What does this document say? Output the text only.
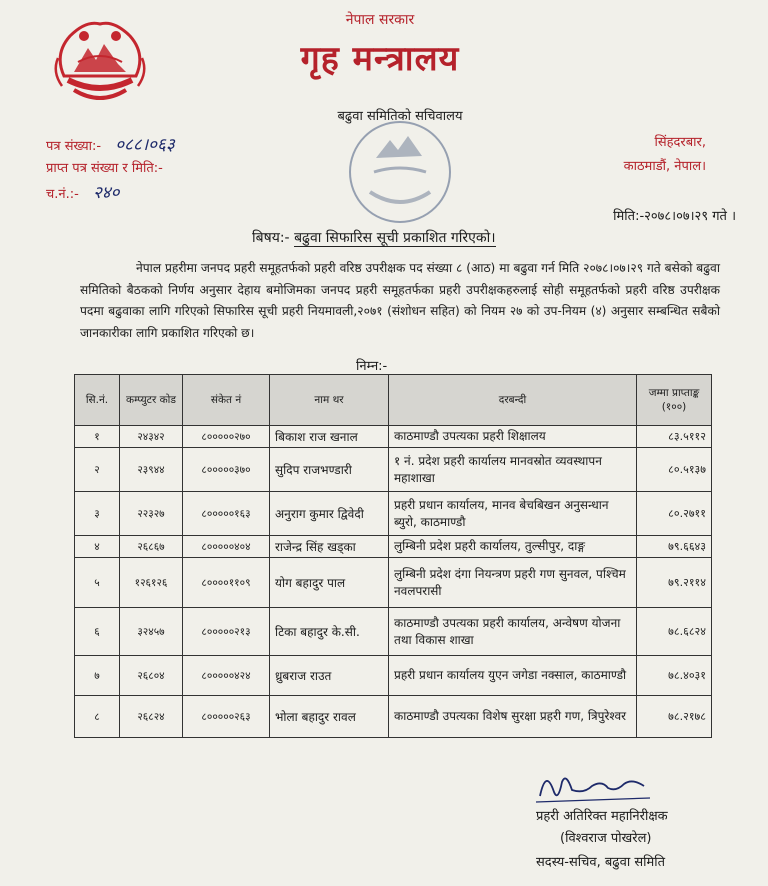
नेपाल सरकार
गृह मन्त्रालय
बढुवा समितिको सचिवालय
पत्र संख्या:- ०८८।०६३
प्राप्त पत्र संख्या र मिति:-
च.नं.:- २४०
सिंहदरबार,
काठमाडौं, नेपाल।
मिति:-२०७८।०७।२९ गते ।
बिषय:- बढुवा सिफारिस सूची प्रकाशित गरिएको।
नेपाल प्रहरीमा जनपद प्रहरी समूहतर्फको प्रहरी वरिष्ठ उपरीक्षक पद संख्या ८ (आठ) मा बढुवा गर्न मिति २०७८।०७।२९ गते बसेको बढुवा समितिको बैठकको निर्णय अनुसार देहाय बमोजिमका जनपद प्रहरी समूहतर्फका प्रहरी उपरीक्षकहरुलाई सोही समूहतर्फको प्रहरी वरिष्ठ उपरीक्षक पदमा बढुवाका लागि गरिएको सिफारिस सूची प्रहरी नियमावली,२०७१ (संशोधन सहित) को नियम २७ को उप-नियम (४) अनुसार सम्बन्धित सबैको जानकारीका लागि प्रकाशित गरिएको छ।
निम्न:-
सि.नं.	कम्प्युटर कोड	संकेत नं	नाम थर	दरबन्दी	जम्मा प्राप्ताङ्क (१००)
१	२४३४२	८०००००२७०	बिकाश राज खनाल	काठमाण्डौ उपत्यका प्रहरी शिक्षालय	८३.५११२
२	२३९४४	८०००००३७०	सुदिप राजभण्डारी	१ नं. प्रदेश प्रहरी कार्यालय मानवस्रोत व्यवस्थापन महाशाखा	८०.५१३७
३	२२३२७	८०००००१६३	अनुराग कुमार द्विवेदी	प्रहरी प्रधान कार्यालय, मानव बेचबिखन अनुसन्धान ब्युरो, काठमाण्डौ	८०.२७११
४	२६८६७	८०००००४०४	राजेन्द्र सिंह खड्का	लुम्बिनी प्रदेश प्रहरी कार्यालय, तुल्सीपुर, दाङ्ग	७९.६६४३
५	१२६१२६	८००००११०९	योग बहादुर पाल	लुम्बिनी प्रदेश दंगा नियन्त्रण प्रहरी गण सुनवल, पश्चिम नवलपरासी	७९.२११४
६	३२४५७	८०००००२१३	टिका बहादुर के.सी.	काठमाण्डौ उपत्यका प्रहरी कार्यालय, अन्वेषण योजना तथा विकास शाखा	७८.६८२४
७	२६८०४	८०००००४२४	ध्रुबराज राउत	प्रहरी प्रधान कार्यालय युएन जगेडा नक्साल, काठमाण्डौ	७८.४०३१
८	२६८२४	८०००००२६३	भोला बहादुर रावल	काठमाण्डौ उपत्यका विशेष सुरक्षा प्रहरी गण, त्रिपुरेश्वर	७८.२१७८
प्रहरी अतिरिक्त महानिरीक्षक
(विश्वराज पोखरेल)
सदस्य-सचिव, बढुवा समिति
